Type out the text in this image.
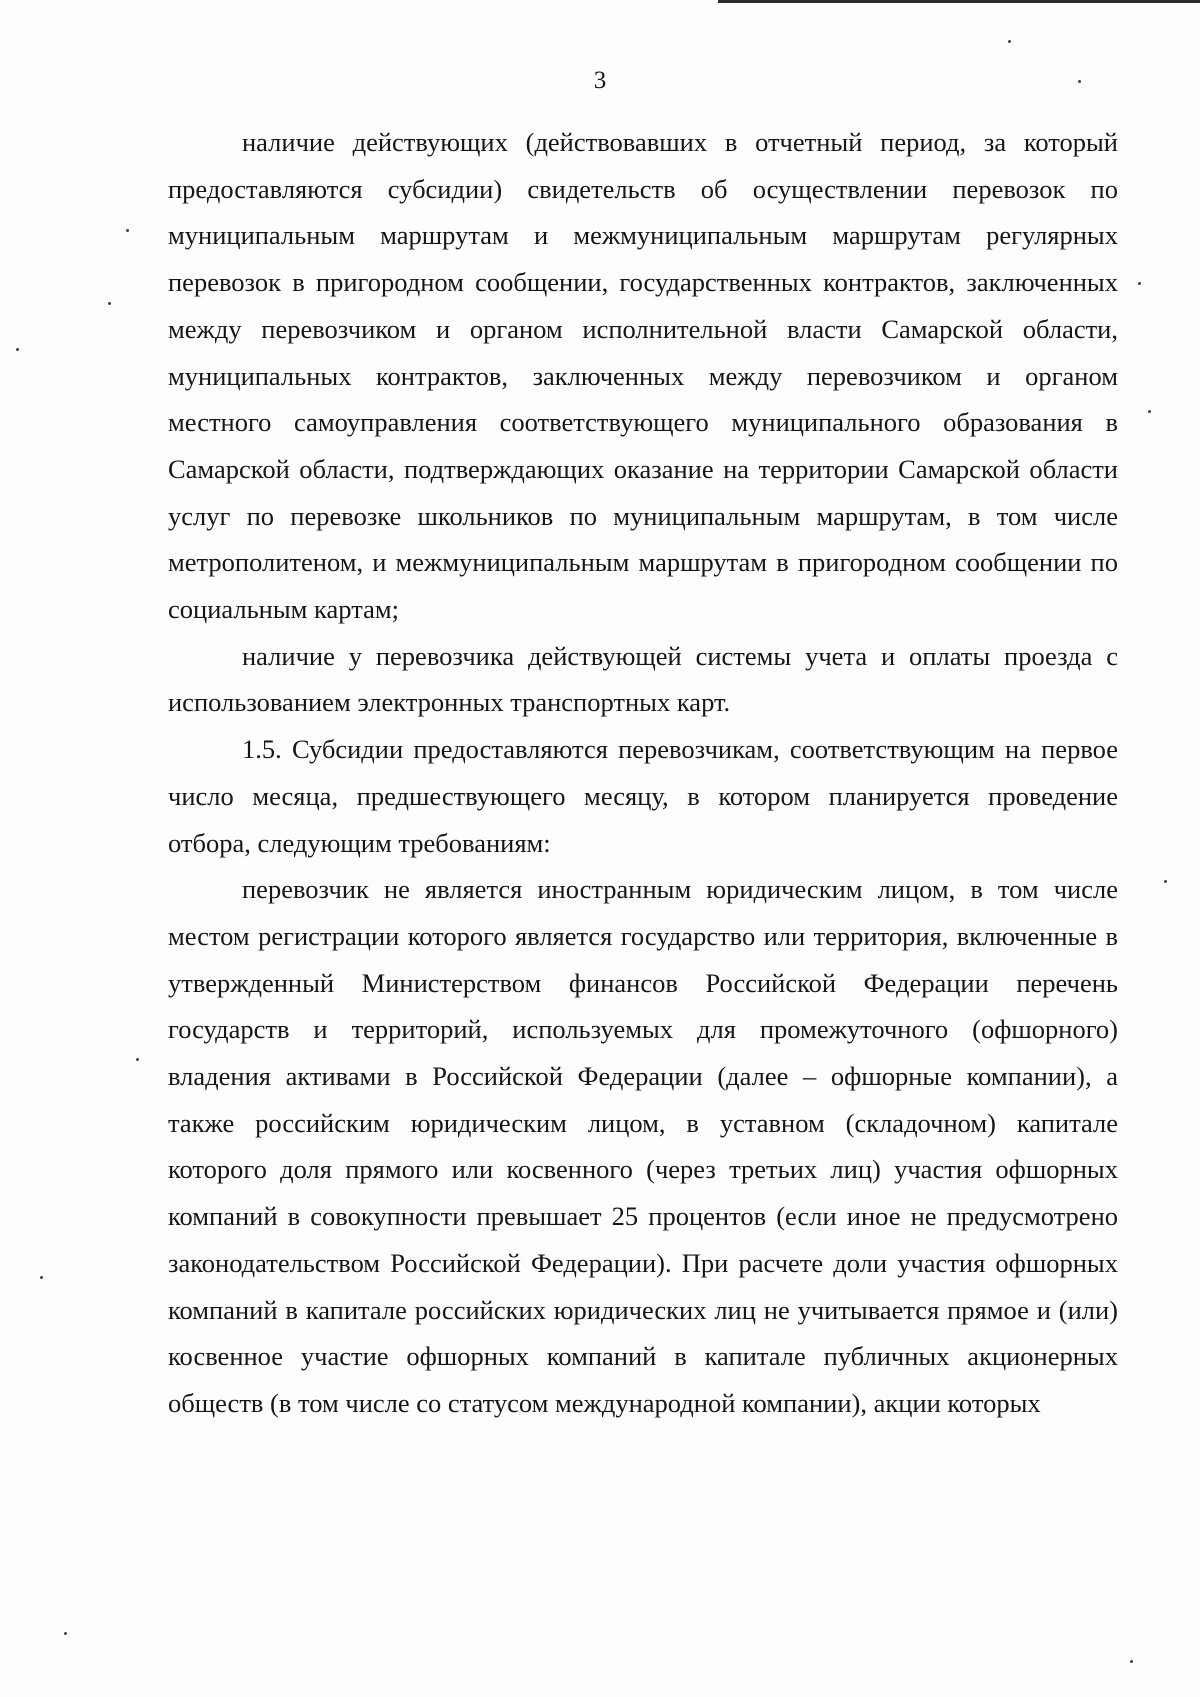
3

наличие действующих (действовавших в отчетный период, за который предоставляются субсидии) свидетельств об осуществлении перевозок по муниципальным маршрутам и межмуниципальным маршрутам регулярных перевозок в пригородном сообщении, государственных контрактов, заключенных между перевозчиком и органом исполнительной власти Самарской области, муниципальных контрактов, заключенных между перевозчиком и органом местного самоуправления соответствующего муниципального образования в Самарской области, подтверждающих оказание на территории Самарской области услуг по перевозке школьников по муниципальным маршрутам, в том числе метрополитеном, и межмуниципальным маршрутам в пригородном сообщении по социальным картам;

наличие у перевозчика действующей системы учета и оплаты проезда с использованием электронных транспортных карт.

1.5. Субсидии предоставляются перевозчикам, соответствующим на первое число месяца, предшествующего месяцу, в котором планируется проведение отбора, следующим требованиям:

перевозчик не является иностранным юридическим лицом, в том числе местом регистрации которого является государство или территория, включенные в утвержденный Министерством финансов Российской Федерации перечень государств и территорий, используемых для промежуточного (офшорного) владения активами в Российской Федерации (далее – офшорные компании), а также российским юридическим лицом, в уставном (складочном) капитале которого доля прямого или косвенного (через третьих лиц) участия офшорных компаний в совокупности превышает 25 процентов (если иное не предусмотрено законодательством Российской Федерации). При расчете доли участия офшорных компаний в капитале российских юридических лиц не учитывается прямое и (или) косвенное участие офшорных компаний в капитале публичных акционерных обществ (в том числе со статусом международной компании), акции которых
